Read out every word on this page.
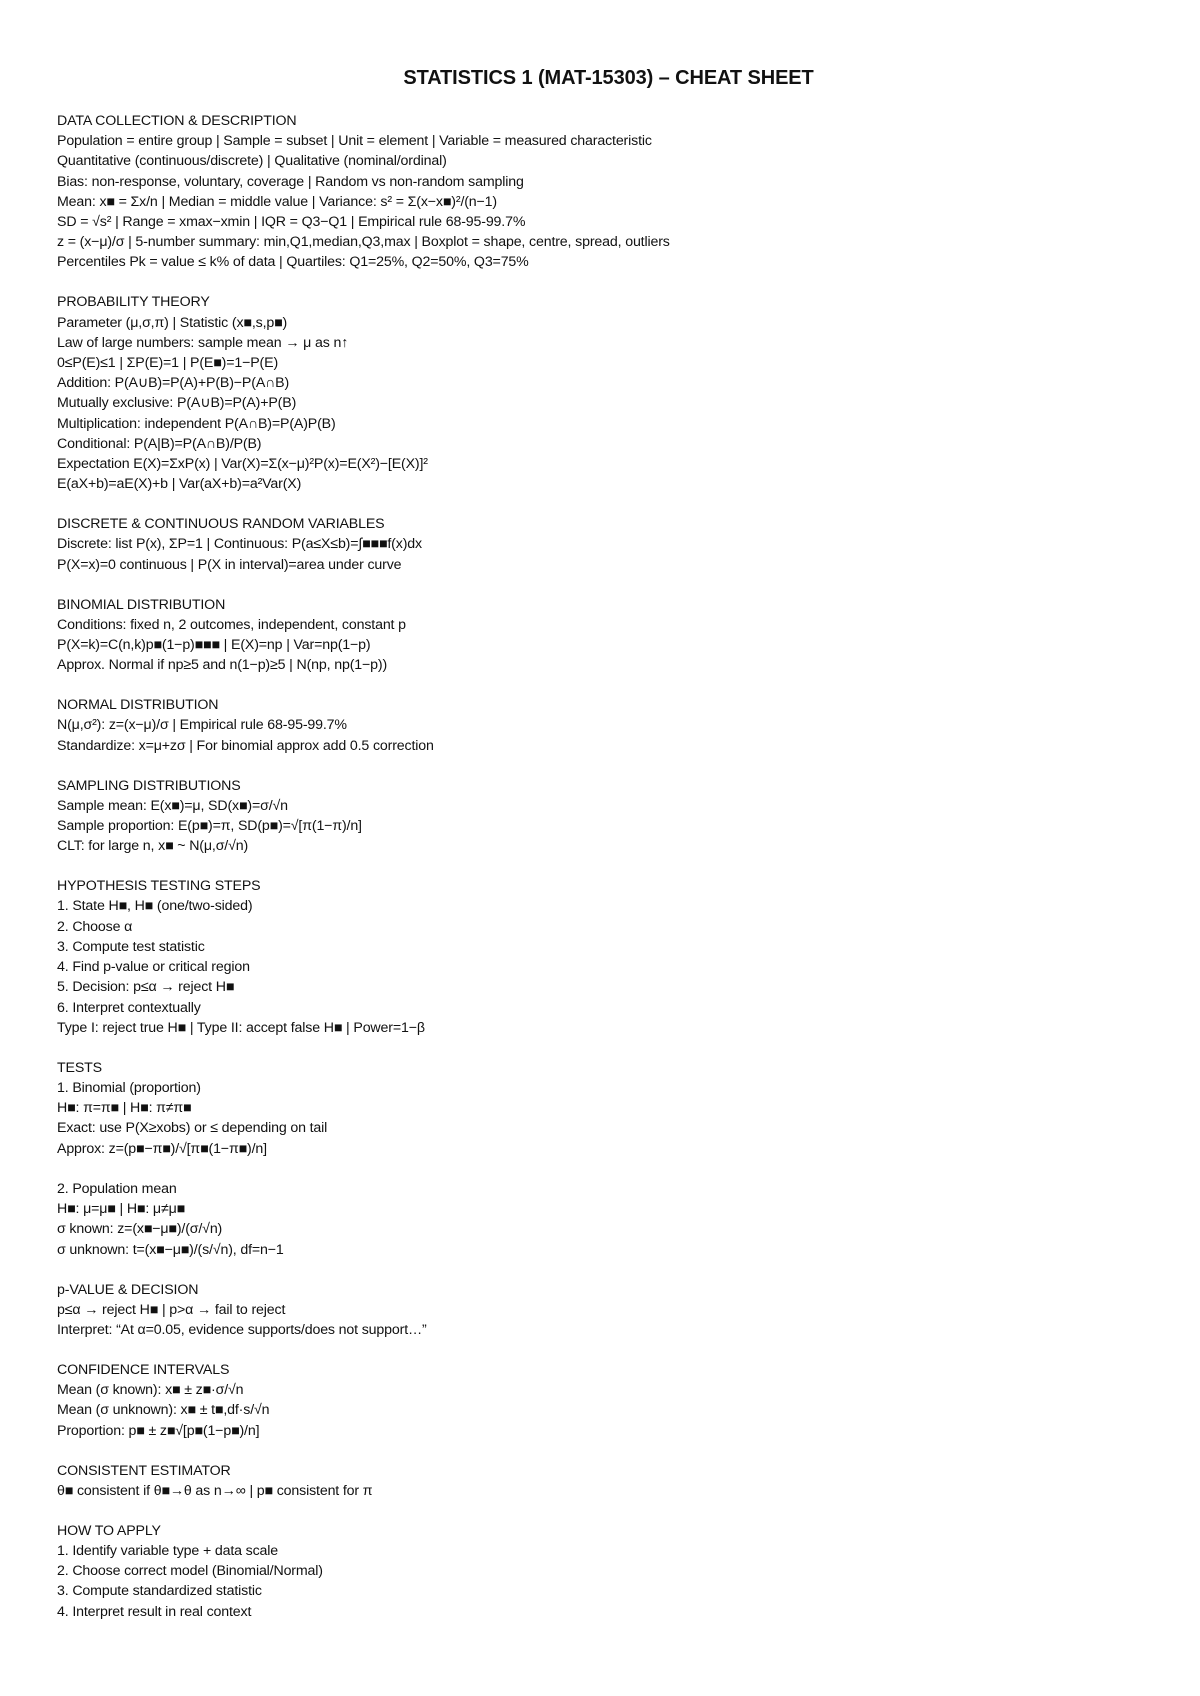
STATISTICS 1 (MAT-15303) – CHEAT SHEET
DATA COLLECTION & DESCRIPTION
Population = entire group | Sample = subset | Unit = element | Variable = measured characteristic
Quantitative (continuous/discrete) | Qualitative (nominal/ordinal)
Bias: non-response, voluntary, coverage | Random vs non-random sampling
Mean: x■ = Σx/n | Median = middle value | Variance: s² = Σ(x−x■)²/(n−1)
SD = √s² | Range = xmax−xmin | IQR = Q3−Q1 | Empirical rule 68-95-99.7%
z = (x−μ)/σ | 5-number summary: min,Q1,median,Q3,max | Boxplot = shape, centre, spread, outliers
Percentiles Pk = value ≤ k% of data | Quartiles: Q1=25%, Q2=50%, Q3=75%
PROBABILITY THEORY
Parameter (μ,σ,π) | Statistic (x■,s,p■)
Law of large numbers: sample mean → μ as n↑
0≤P(E)≤1 | ΣP(E)=1 | P(E■)=1−P(E)
Addition: P(A∪B)=P(A)+P(B)−P(A∩B)
Mutually exclusive: P(A∪B)=P(A)+P(B)
Multiplication: independent P(A∩B)=P(A)P(B)
Conditional: P(A|B)=P(A∩B)/P(B)
Expectation E(X)=ΣxP(x) | Var(X)=Σ(x−μ)²P(x)=E(X²)−[E(X)]²
E(aX+b)=aE(X)+b | Var(aX+b)=a²Var(X)
DISCRETE & CONTINUOUS RANDOM VARIABLES
Discrete: list P(x), ΣP=1 | Continuous: P(a≤X≤b)=∫■■■f(x)dx
P(X=x)=0 continuous | P(X in interval)=area under curve
BINOMIAL DISTRIBUTION
Conditions: fixed n, 2 outcomes, independent, constant p
P(X=k)=C(n,k)p■(1−p)■■■ | E(X)=np | Var=np(1−p)
Approx. Normal if np≥5 and n(1−p)≥5 | N(np, np(1−p))
NORMAL DISTRIBUTION
N(μ,σ²): z=(x−μ)/σ | Empirical rule 68-95-99.7%
Standardize: x=μ+zσ | For binomial approx add 0.5 correction
SAMPLING DISTRIBUTIONS
Sample mean: E(x■)=μ, SD(x■)=σ/√n
Sample proportion: E(p■)=π, SD(p■)=√[π(1−π)/n]
CLT: for large n, x■ ~ N(μ,σ/√n)
HYPOTHESIS TESTING STEPS
1. State H■, H■ (one/two-sided)
2. Choose α
3. Compute test statistic
4. Find p-value or critical region
5. Decision: p≤α → reject H■
6. Interpret contextually
Type I: reject true H■ | Type II: accept false H■ | Power=1−β
TESTS
1. Binomial (proportion)
H■: π=π■ | H■: π≠π■
Exact: use P(X≥xobs) or ≤ depending on tail
Approx: z=(p■−π■)/√[π■(1−π■)/n]
2. Population mean
H■: μ=μ■ | H■: μ≠μ■
σ known: z=(x■−μ■)/(σ/√n)
σ unknown: t=(x■−μ■)/(s/√n), df=n−1
p-VALUE & DECISION
p≤α → reject H■ | p>α → fail to reject
Interpret: “At α=0.05, evidence supports/does not support…”
CONFIDENCE INTERVALS
Mean (σ known): x■ ± z■·σ/√n
Mean (σ unknown): x■ ± t■,df·s/√n
Proportion: p■ ± z■√[p■(1−p■)/n]
CONSISTENT ESTIMATOR
θ■ consistent if θ■→θ as n→∞ | p■ consistent for π
HOW TO APPLY
1. Identify variable type + data scale
2. Choose correct model (Binomial/Normal)
3. Compute standardized statistic
4. Interpret result in real context
